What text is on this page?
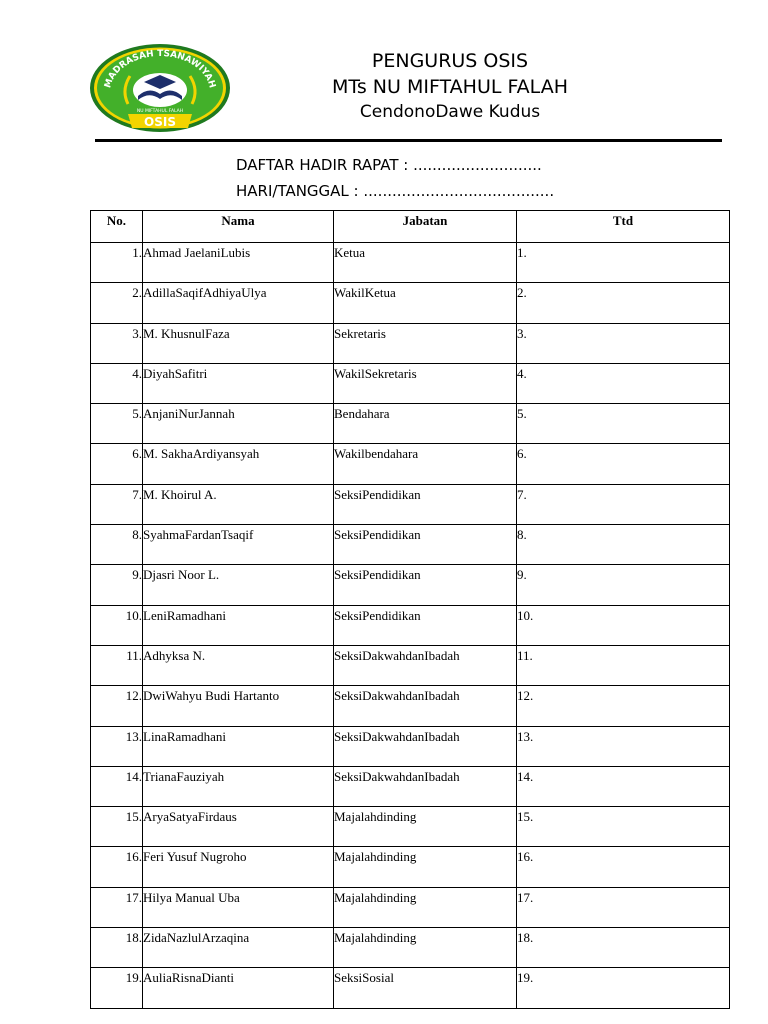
MADRASAH TSANAWIYAH
NU MIFTAHUL FALAH
OSIS
PENGURUS OSIS
MTs NU MIFTAHUL FALAH
CendonoDawe Kudus
DAFTAR HADIR RAPAT : ...........................
HARI/TANGGAL : ........................................
No.	Nama	Jabatan	Ttd
1.	Ahmad JaelaniLubis	Ketua	1.
2.	AdillaSaqifAdhiyaUlya	WakilKetua	2.
3.	M. KhusnulFaza	Sekretaris	3.
4.	DiyahSafitri	WakilSekretaris	4.
5.	AnjaniNurJannah	Bendahara	5.
6.	M. SakhaArdiyansyah	Wakilbendahara	6.
7.	M. Khoirul A.	SeksiPendidikan	7.
8.	SyahmaFardanTsaqif	SeksiPendidikan	8.
9.	Djasri Noor L.	SeksiPendidikan	9.
10.	LeniRamadhani	SeksiPendidikan	10.
11.	Adhyksa N.	SeksiDakwahdanIbadah	11.
12.	DwiWahyu Budi Hartanto	SeksiDakwahdanIbadah	12.
13.	LinaRamadhani	SeksiDakwahdanIbadah	13.
14.	TrianaFauziyah	SeksiDakwahdanIbadah	14.
15.	AryaSatyaFirdaus	Majalahdinding	15.
16.	Feri Yusuf Nugroho	Majalahdinding	16.
17.	Hilya Manual Uba	Majalahdinding	17.
18.	ZidaNazlulArzaqina	Majalahdinding	18.
19.	AuliaRisnaDianti	SeksiSosial	19.
